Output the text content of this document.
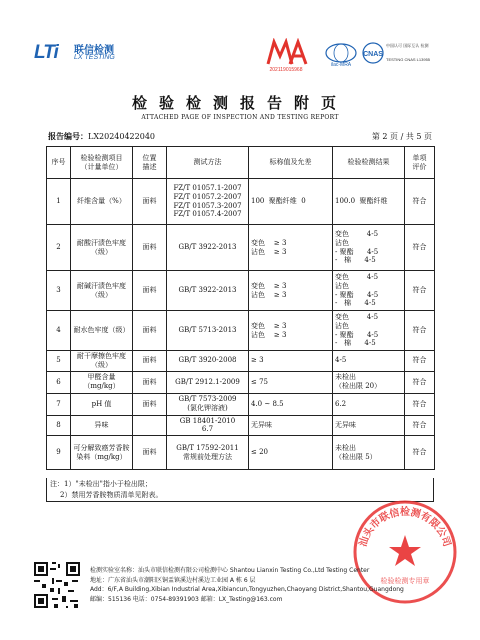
LTi 联信检测
LX TESTING
202119015968
ilac-MRA
CNAS
中国认可 国际互认 检测
TESTING CNAS L13955
检验检测报告附页
ATTACHED PAGE OF INSPECTION AND TESTING REPORT
报告编号：LX20240422040	第 2 页 / 共 5 页
序号	检验检测项目
（计量单位）	位置
描述	测试方法	标称值及允差	检验检测结果	单项
评价
1	纤维含量（%）	面料	FZ/T 01057.1-2007
FZ/T 01057.2-2007
FZ/T 01057.3-2007
FZ/T 01057.4-2007	100  聚酯纤维  0	100.0  聚酯纤维	符合
2	耐酸汗渍色牢度（级）	面料	GB/T 3922-2013	变色    ≥ 3
沾色    ≥ 3	变色        4-5
沾色
- 聚酯      4-5
-   棉      4-5	符合
3	耐碱汗渍色牢度（级）	面料	GB/T 3922-2013	变色    ≥ 3
沾色    ≥ 3	变色        4-5
沾色
- 聚酯      4-5
-   棉      4-5	符合
4	耐水色牢度（级）	面料	GB/T 5713-2013	变色    ≥ 3
沾色    ≥ 3	变色        4-5
沾色
- 聚酯      4-5
-   棉      4-5	符合
5	耐干摩擦色牢度（级）	面料	GB/T 3920-2008	≥ 3	4-5	符合
6	甲醛含量（mg/kg）	面料	GB/T 2912.1-2009	≤ 75	未检出
（检出限 20）	符合
7	pH 值	面料	GB/T 7573-2009
(氯化钾溶液)	4.0 ~ 8.5	6.2	符合
8	异味		GB 18401-2010
6.7	无异味	无异味	符合
9	可分解致癌芳香胺染料（mg/kg）	面料	GB/T 17592-2011
常规前处理方法	≤ 20	未检出
（检出限 5）	符合
注：1）"未检出"指小于检出限；
2）禁用芳香胺物质清单见附表。
汕头市联信检测有限公司
检验检测专用章
检测实验室名称：汕头市联信检测有限公司检测中心 Shantou Lianxin Testing Co.,Ltd Testing Center
地址：广东省汕头市潮阳区铜盂镇溪边村溪边工业园 A 栋 6 层
Add：6/F,A Building,Xibian Industrial Area,Xibiancun,Tongyuzhen,Chaoyang District,Shantou,Guangdong
邮编：515136 电话：0754-89391903 邮箱：LX_Testing@163.com
